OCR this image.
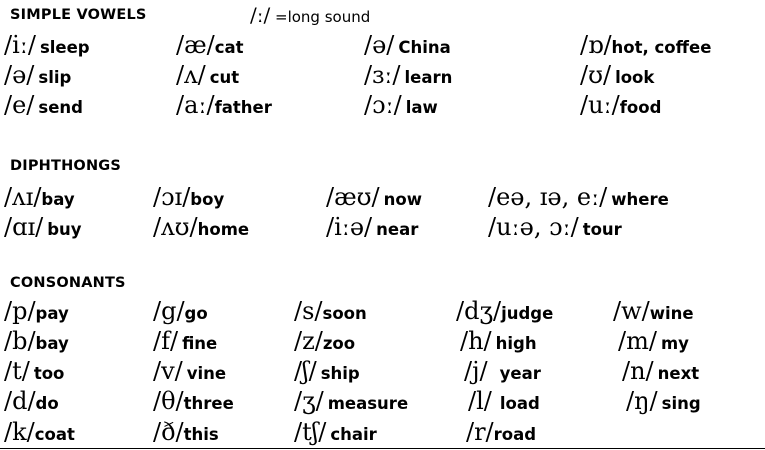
SIMPLE VOWELS	/ː/ =long sound
/iː/ sleep	/æ/cat	/ə/ China	/ɒ/hot, coffee
/ə/ slip	/ʌ/ cut	/ɜː/ learn	/ʊ/ look
/e/ send	/aː/father	/ɔː/ law	/uː/food
DIPHTHONGS
/ʌɪ/bay	/ɔɪ/boy	/æʊ/ now	/eə, ɪə, eː/ where
/ɑɪ/ buy	/ʌʊ/home	/iːə/ near	/uːə, ɔː/ tour
CONSONANTS
/p/pay	/g/go	/s/soon	/dʒ/judge /w/wine
/b/bay	/f/ fine	/z/zoo	/h/ high	/m/ my
/t/ too	/v/ vine	/ʃ/ ship	/j/ year	/n/ next
/d/do	/θ/three	/ʒ/ measure /l/ load	/ŋ/ sing
/k/coat	/ð/this	/tʃ/ chair	/r/road
